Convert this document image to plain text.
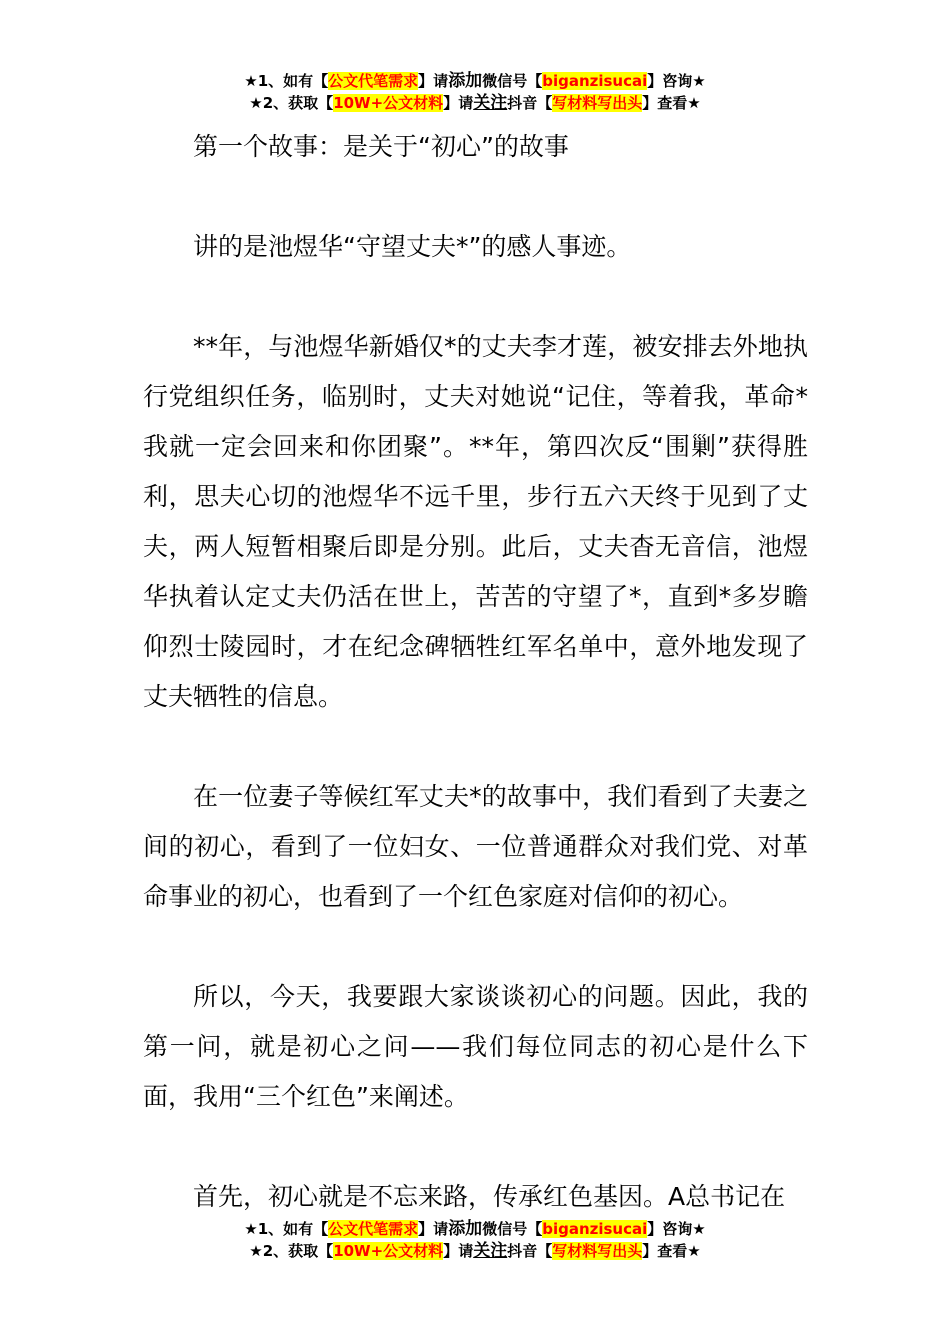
★1、如有【公文代笔需求】请添加微信号【biganzisucai】咨询★
★2、获取【10W+公文材料】请关注抖音【写材料写出头】查看★

第一个故事：是关于“初心”的故事

讲的是池煜华“守望丈夫*”的感人事迹。

**年，与池煜华新婚仅*的丈夫李才莲，被安排去外地执行党组织任务，临别时，丈夫对她说“记住，等着我，革命*我就一定会回来和你团聚”。**年，第四次反“围剿”获得胜利，思夫心切的池煜华不远千里，步行五六天终于见到了丈夫，两人短暂相聚后即是分别。此后，丈夫杳无音信，池煜华执着认定丈夫仍活在世上，苦苦的守望了*，直到*多岁瞻仰烈士陵园时，才在纪念碑牺牲红军名单中，意外地发现了丈夫牺牲的信息。

在一位妻子等候红军丈夫*的故事中，我们看到了夫妻之间的初心，看到了一位妇女、一位普通群众对我们党、对革命事业的初心，也看到了一个红色家庭对信仰的初心。

所以，今天，我要跟大家谈谈初心的问题。因此，我的第一问，就是初心之问——我们每位同志的初心是什么下面，我用“三个红色”来阐述。

首先，初心就是不忘来路，传承红色基因。A总书记在

★1、如有【公文代笔需求】请添加微信号【biganzisucai】咨询★
★2、获取【10W+公文材料】请关注抖音【写材料写出头】查看★
